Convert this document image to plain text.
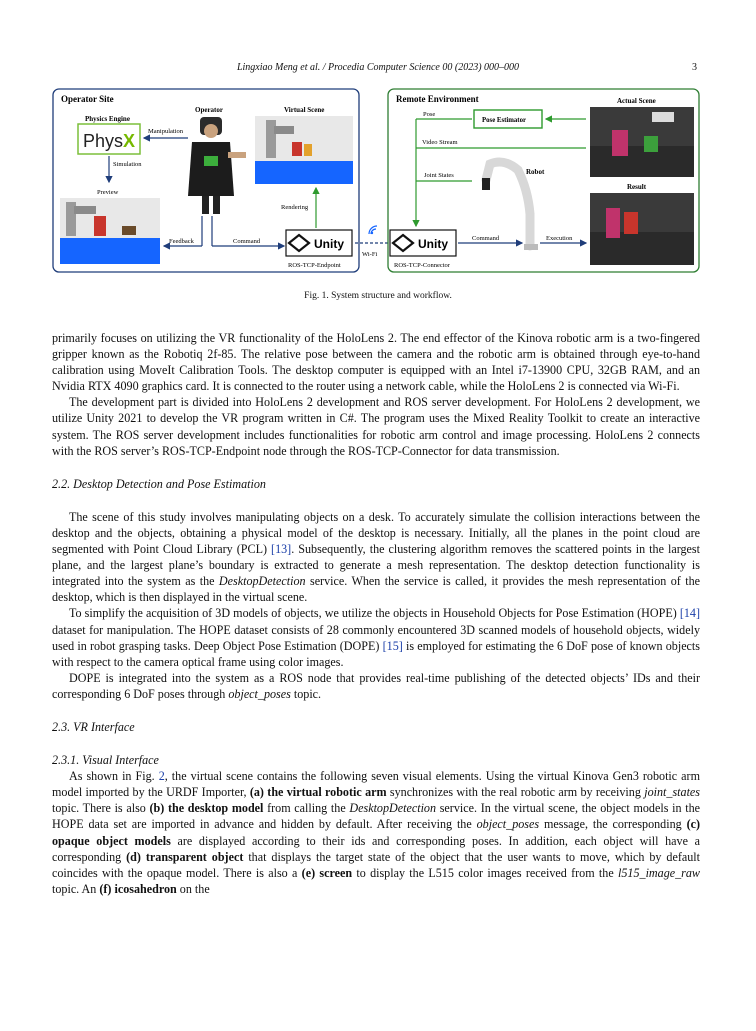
Lingxiao Meng et al. / Procedia Computer Science 00 (2023) 000–000	3
Operator Site
Physics Engine
PhysX
Operator	Virtual Scene
Manipulation
Simulation
Preview
Feedback	Command
Rendering
Unity
ROS-TCP-Endpoint
Wi-Fi
Remote Environment
Pose
Pose Estimator
Actual Scene
Video Stream
Joint States	Robot
Result
Unity
ROS-TCP-Connector
Command	Execution
Fig. 1. System structure and workflow.

primarily focuses on utilizing the VR functionality of the HoloLens 2. The end effector of the Kinova robotic arm is a two-fingered gripper known as the Robotiq 2f-85. The relative pose between the camera and the robotic arm is obtained through eye-to-hand calibration using MoveIt Calibration Tools. The desktop computer is equipped with an Intel i7-13900 CPU, 32GB RAM, and an Nvidia RTX 4090 graphics card. It is connected to the router using a network cable, while the HoloLens 2 is connected via Wi-Fi.

The development part is divided into HoloLens 2 development and ROS server development. For HoloLens 2 development, we utilize Unity 2021 to develop the VR program written in C#. The program uses the Mixed Reality Toolkit to create an interactive system. The ROS server development includes functionalities for robotic arm control and image processing. HoloLens 2 connects with the ROS server’s ROS-TCP-Endpoint node through the ROS-TCP-Connector for data transmission.

2.2. Desktop Detection and Pose Estimation

The scene of this study involves manipulating objects on a desk. To accurately simulate the collision interactions between the desktop and the objects, obtaining a physical model of the desktop is necessary. Initially, all the planes in the point cloud are segmented with Point Cloud Library (PCL) [13]. Subsequently, the clustering algorithm removes the scattered points in the largest plane, and the largest plane’s boundary is extracted to generate a mesh representation. The desktop detection functionality is integrated into the system as the DesktopDetection service. When the service is called, it provides the mesh representation of the desktop, which is then displayed in the virtual scene.

To simplify the acquisition of 3D models of objects, we utilize the objects in Household Objects for Pose Estimation (HOPE) [14] dataset for manipulation. The HOPE dataset consists of 28 commonly encountered 3D scanned models of household objects, widely used in robot grasping tasks. Deep Object Pose Estimation (DOPE) [15] is employed for estimating the 6 DoF pose of known objects with respect to the camera optical frame using color images.

DOPE is integrated into the system as a ROS node that provides real-time publishing of the detected objects’ IDs and their corresponding 6 DoF poses through object_poses topic.

2.3. VR Interface

2.3.1. Visual Interface

As shown in Fig. 2, the virtual scene contains the following seven visual elements. Using the virtual Kinova Gen3 robotic arm model imported by the URDF Importer, (a) the virtual robotic arm synchronizes with the real robotic arm by receiving joint_states topic. There is also (b) the desktop model from calling the DesktopDetection service. In the virtual scene, the object models in the HOPE data set are imported in advance and hidden by default. After receiving the object_poses message, the corresponding (c) opaque object models are displayed according to their ids and corresponding poses. In addition, each object will have a corresponding (d) transparent object that displays the target state of the object that the user wants to move, which by default coincides with the opaque model. There is also a (e) screen to display the L515 color images received from the l515_image_raw topic. An (f) icosahedron on the
